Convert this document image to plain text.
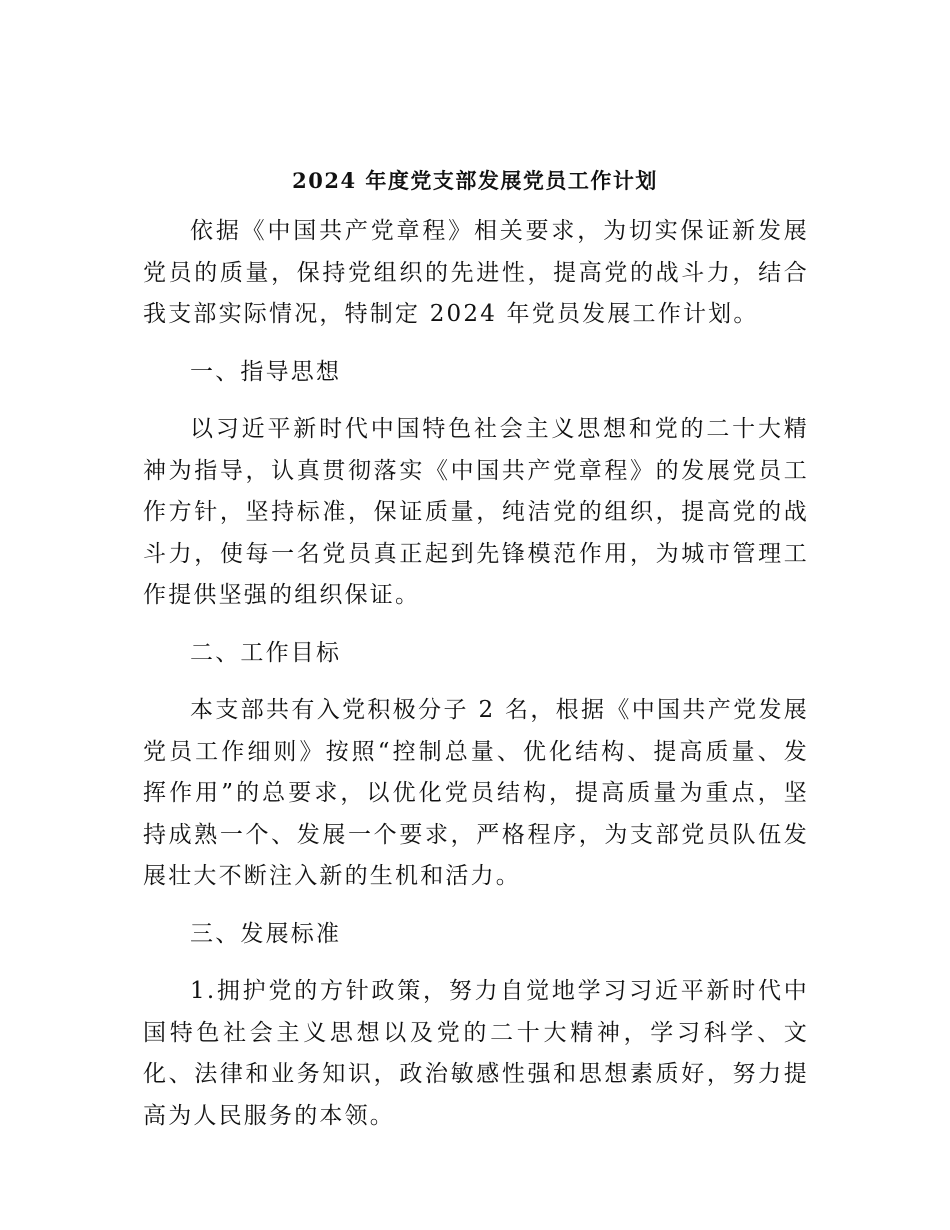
2024 年度党支部发展党员工作计划

依据《中国共产党章程》相关要求，为切实保证新发展党员的质量，保持党组织的先进性，提高党的战斗力，结合我支部实际情况，特制定 2024 年党员发展工作计划。

一、指导思想

以习近平新时代中国特色社会主义思想和党的二十大精神为指导，认真贯彻落实《中国共产党章程》的发展党员工作方针，坚持标准，保证质量，纯洁党的组织，提高党的战斗力，使每一名党员真正起到先锋模范作用，为城市管理工作提供坚强的组织保证。

二、工作目标

本支部共有入党积极分子 2 名，根据《中国共产党发展党员工作细则》按照“控制总量、优化结构、提高质量、发挥作用”的总要求，以优化党员结构，提高质量为重点，坚持成熟一个、发展一个要求，严格程序，为支部党员队伍发展壮大不断注入新的生机和活力。

三、发展标准

1.拥护党的方针政策，努力自觉地学习习近平新时代中国特色社会主义思想以及党的二十大精神，学习科学、文化、法律和业务知识，政治敏感性强和思想素质好，努力提高为人民服务的本领。
